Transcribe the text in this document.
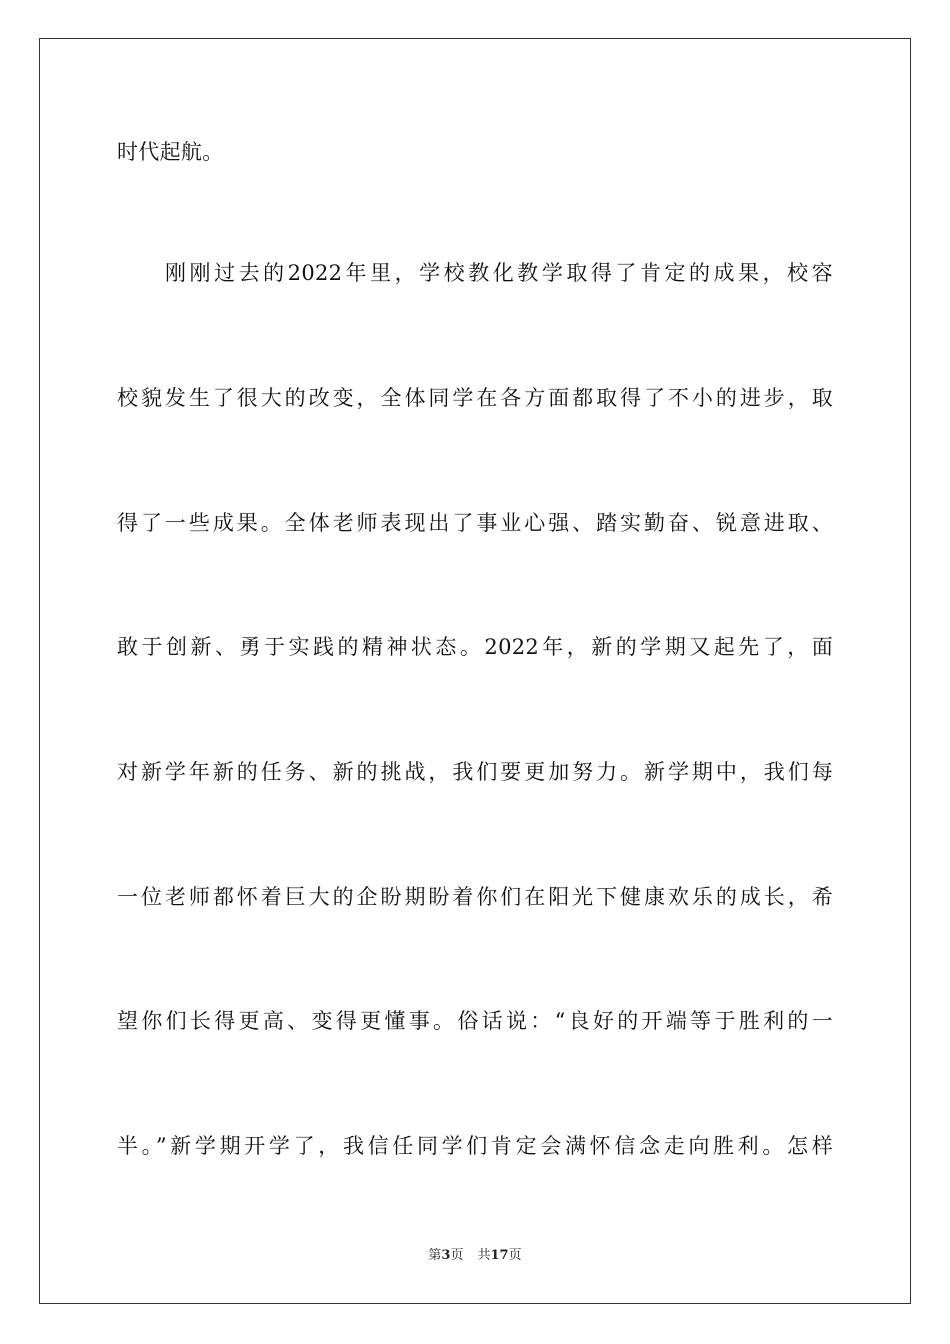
时代起航。
刚刚过去的2022年里，学校教化教学取得了肯定的成果，校容
校貌发生了很大的改变，全体同学在各方面都取得了不小的进步，取
得了一些成果。全体老师表现出了事业心强、踏实勤奋、锐意进取、
敢于创新、勇于实践的精神状态。2022年，新的学期又起先了，面
对新学年新的任务、新的挑战，我们要更加努力。新学期中，我们每
一位老师都怀着巨大的企盼期盼着你们在阳光下健康欢乐的成长，希
望你们长得更高、变得更懂事。俗话说：“良好的开端等于胜利的一
半。”新学期开学了，我信任同学们肯定会满怀信念走向胜利。怎样
第3页 共17页
